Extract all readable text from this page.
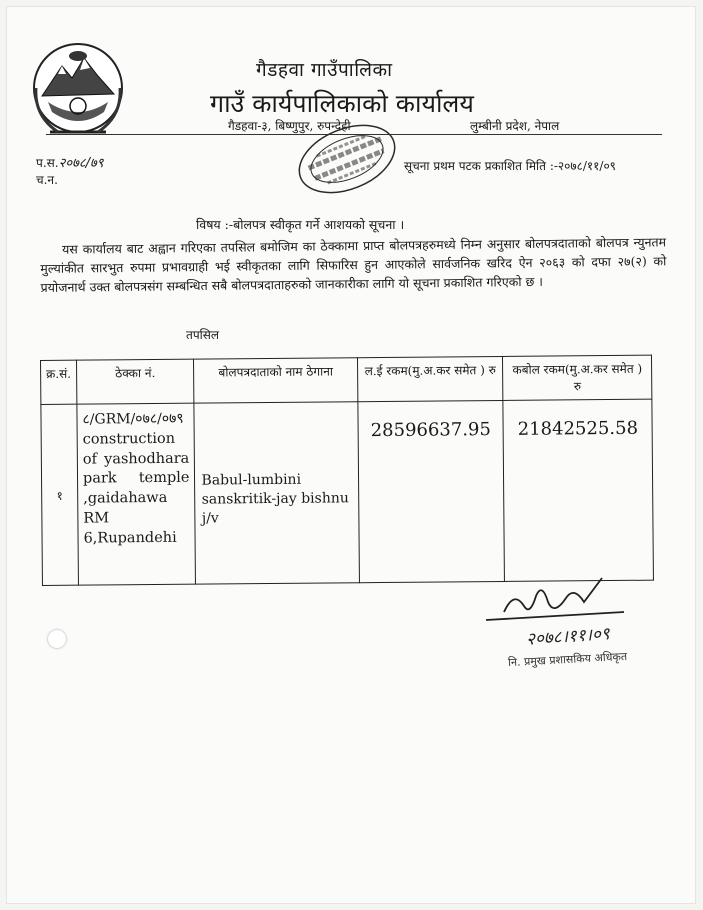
गैडहवा गाउँपालिका
गाउँ कार्यपालिकाको कार्यालय
गैडहवा-३, बिष्णुपुर, रुपन्देही	लुम्बीनी प्रदेश, नेपाल
प.स.२०७८/७९
च.न.
सूचना प्रथम पटक प्रकाशित मिति :-२०७८/११/०९
विषय :-बोलपत्र स्वीकृत गर्ने आशयको सूचना ।
यस कार्यालय बाट अह्वान गरिएका तपसिल बमोजिम का ठेक्कामा प्राप्त बोलपत्रहरुमध्ये निम्न अनुसार बोलपत्रदाताको बोलपत्र न्युनतम मुल्यांकीत सारभुत रुपमा प्रभावग्राही भई स्वीकृतका लागि सिफारिस हुन आएकोले सार्वजनिक खरिद ऐन २०६३ को दफा २७(२) को प्रयोजनार्थ उक्त बोलपत्रसंग सम्बन्धित सबै बोलपत्रदाताहरुको जानकारीका लागि यो सूचना प्रकाशित गरिएको छ ।
तपसिल
क्र.सं.	ठेक्का नं.	बोलपत्रदाताको नाम ठेगाना	ल.ई रकम(मु.अ.कर समेत ) रु	कबोल रकम(मु.अ.कर समेत ) रु
१	८/GRM/०७८/०७९
construction of yashodhara park temple ,gaidahawa RM 6,Rupandehi	Babul-lumbini sanskritik-jay bishnu j/v	28596637.95	21842525.58
२०७८।११।०९
नि. प्रमुख प्रशासकिय अधिकृत
